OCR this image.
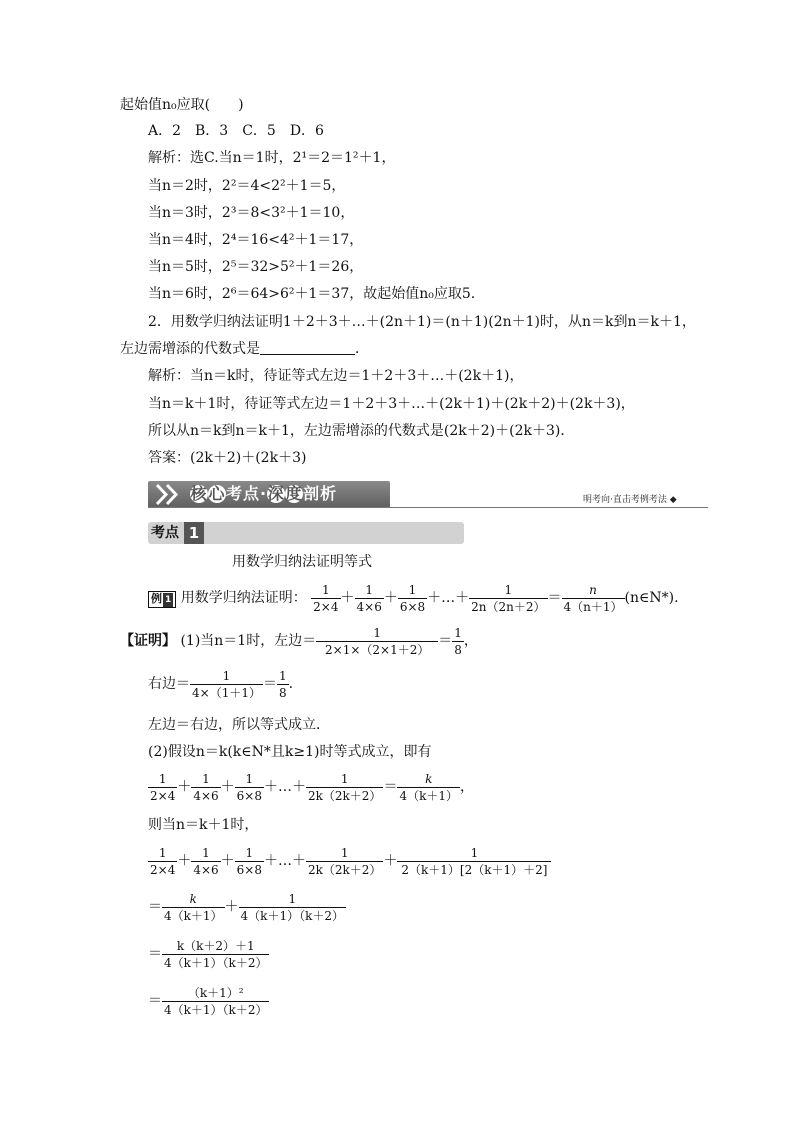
起始值n₀应取(　　)
A．2　B．3　C．5　D．6
解析：选C.当n＝1时，2¹＝2＝1²＋1，
当n＝2时，2²＝4<2²＋1＝5，
当n＝3时，2³＝8<3²＋1＝10，
当n＝4时，2⁴＝16<4²＋1＝17，
当n＝5时，2⁵＝32>5²＋1＝26，
当n＝6时，2⁶＝64>6²＋1＝37，故起始值n₀应取5.
2．用数学归纳法证明1＋2＋3＋…＋(2n＋1)＝(n＋1)(2n＋1)时，从n＝k到n＝k＋1，
左边需增添的代数式是	．
解析：当n＝k时，待证等式左边＝1＋2＋3＋…＋(2k＋1)，
当n＝k＋1时，待证等式左边＝1＋2＋3＋…＋(2k＋1)＋(2k＋2)＋(2k＋3)，
所以从n＝k到n＝k＋1，左边需增添的代数式是(2k＋2)＋(2k＋3)．
答案：(2k＋2)＋(2k＋3)
核心考点·深度剖析	明考向·直击考例考法 ◆
考点 1
用数学归纳法证明等式
例 1 用数学归纳法证明： $\frac{1}{2\times 4} + \frac{1}{4\times 6} + \frac{1}{6\times 8}$ ＋…＋ $\frac{1}{2n(2n+2)} = \frac{n}{4(n+1)}$ (n∈N*).
【证明】 (1)当n＝1时，左边＝ $\frac{1}{2\times 1\times(2\times 1+2)} = \frac{1}{8}$ ，
右边＝ $\frac{1}{4\times(1+1)} = \frac{1}{8}$ .
左边＝右边，所以等式成立．
(2)假设n＝k(k∈N*且k≥1)时等式成立，即有
$\frac{1}{2\times 4} + \frac{1}{4\times 6} + \frac{1}{6\times 8}$ ＋…＋ $\frac{1}{2k(2k+2)} = \frac{k}{4(k+1)}$ ，
则当n＝k＋1时，
$\frac{1}{2\times 4} + \frac{1}{4\times 6} + \frac{1}{6\times 8}$ ＋…＋ $\frac{1}{2k(2k+2)} + \frac{1}{2(k+1)[2(k+1)+2]}$
＝ $\frac{k}{4(k+1)} + \frac{1}{4(k+1)(k+2)}$
＝ $\frac{k(k+2)+1}{4(k+1)(k+2)}$
＝ $\frac{\text{（k＋1）²}}{4(k+1)(k+2)}$
